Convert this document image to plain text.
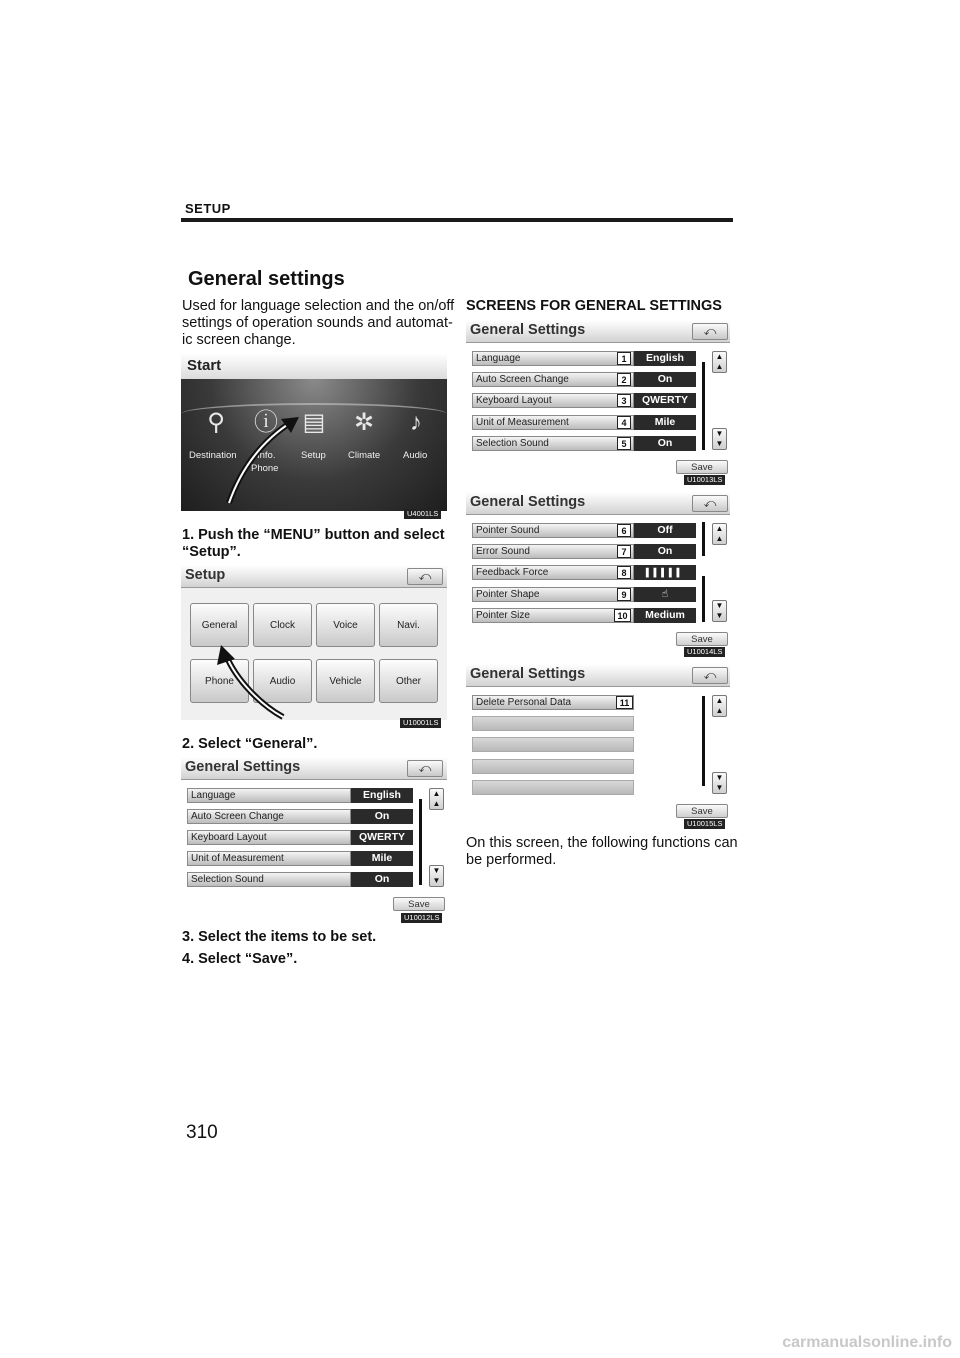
SETUP
General settings
Used for language selection and the on/off
settings of operation sounds and automat-
ic screen change.
Start
⚲ ⓘ ▤ ✲	♪
Destination Info.
Phone
Setup Climate Audio
U4001LS
1. Push the “MENU” button and select
“Setup”.
Setup	⤺
General	Clock	Voice	Navi.
Phone	Audio	Vehicle	Other
U10001LS
2. Select “General”.
General Settings	⤺
Language	English
Auto Screen Change	On
Keyboard Layout	QWERTY
Unit of Measurement	Mile
Selection Sound	On
▲
▲
▼
▼
Save
U10012LS
3. Select the items to be set.
4. Select “Save”.
SCREENS FOR GENERAL SETTINGS
General Settings	⤺
Language	1	English
Auto Screen Change	2	On
Keyboard Layout	3	QWERTY
Unit of Measurement	4	Mile
Selection Sound	5	On
▲
▲
▼
▼
Save
U10013LS
General Settings	⤺
Pointer Sound	6	Off
Error Sound	7	On
Feedback Force	8	▌▌▌▌▌
Pointer Shape	9	☝
Pointer Size	10	Medium
▲
▲
▼
▼
Save
U10014LS
General Settings	⤺
Delete Personal Data	11	▲
▲
▼
▼
Save
U10015LS
On this screen, the following functions can
be performed.
310
carmanualsonline.info
